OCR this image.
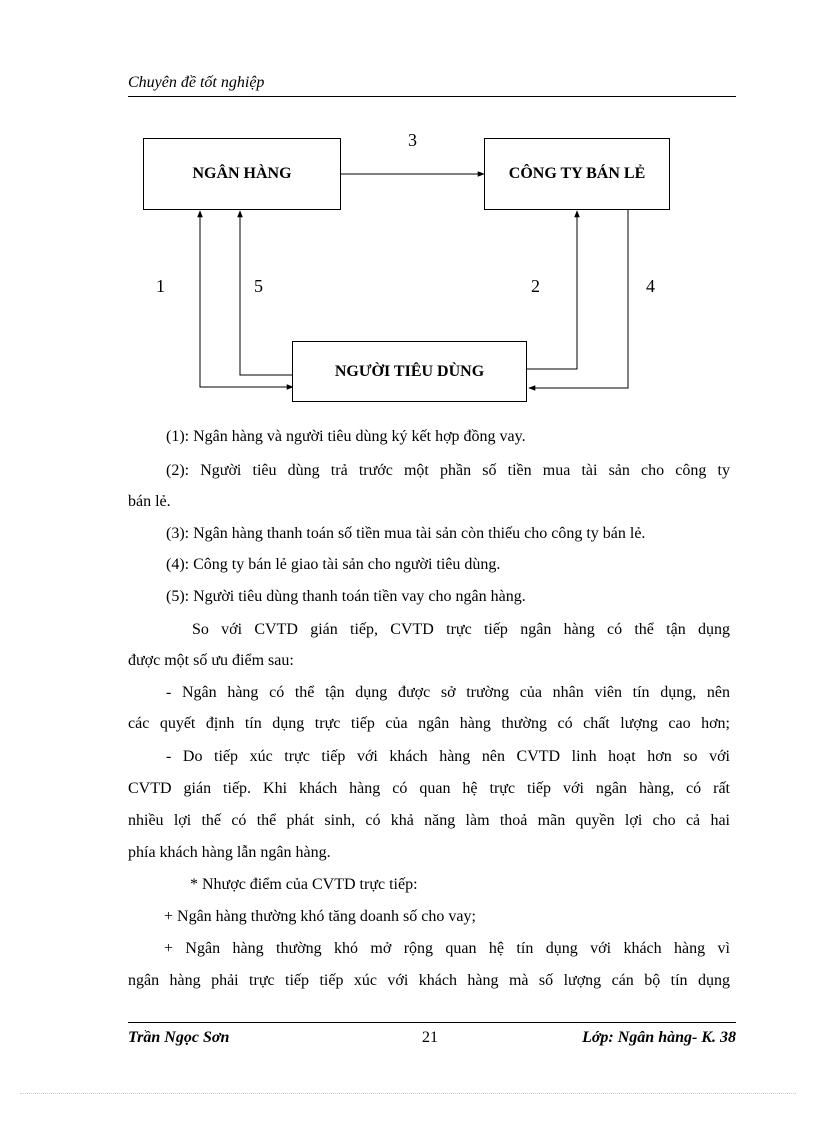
Chuyên đề tốt nghiệp
NGÂN HÀNG	CÔNG TY BÁN LẺ
NGƯỜI TIÊU DÙNG
3
1	5	2	4
(1): Ngân hàng và người tiêu dùng ký kết hợp đồng vay.
(2): Người tiêu dùng trả trước một phần số tiền mua tài sản cho công ty
bán lẻ.
(3): Ngân hàng thanh toán số tiền mua tài sản còn thiếu cho công ty bán lẻ.
(4): Công ty bán lẻ giao tài sản cho người tiêu dùng.
(5): Người tiêu dùng thanh toán tiền vay cho ngân hàng.
So với CVTD gián tiếp, CVTD trực tiếp ngân hàng có thể tận dụng
được một số ưu điểm sau:
- Ngân hàng có thể tận dụng được sở trường của nhân viên tín dụng, nên
các quyết định tín dụng trực tiếp của ngân hàng thường có chất lượng cao hơn;
- Do tiếp xúc trực tiếp với khách hàng nên CVTD linh hoạt hơn so với
CVTD gián tiếp. Khi khách hàng có quan hệ trực tiếp với ngân hàng, có rất
nhiều lợi thế có thể phát sinh, có khả năng làm thoả mãn quyền lợi cho cả hai
phía khách hàng lẫn ngân hàng.
* Nhược điểm của CVTD trực tiếp:
+ Ngân hàng thường khó tăng doanh số cho vay;
+ Ngân hàng thường khó mở rộng quan hệ tín dụng với khách hàng vì
ngân hàng phải trực tiếp tiếp xúc với khách hàng mà số lượng cán bộ tín dụng
Trần Ngọc Sơn	21	Lớp: Ngân hàng- K. 38
